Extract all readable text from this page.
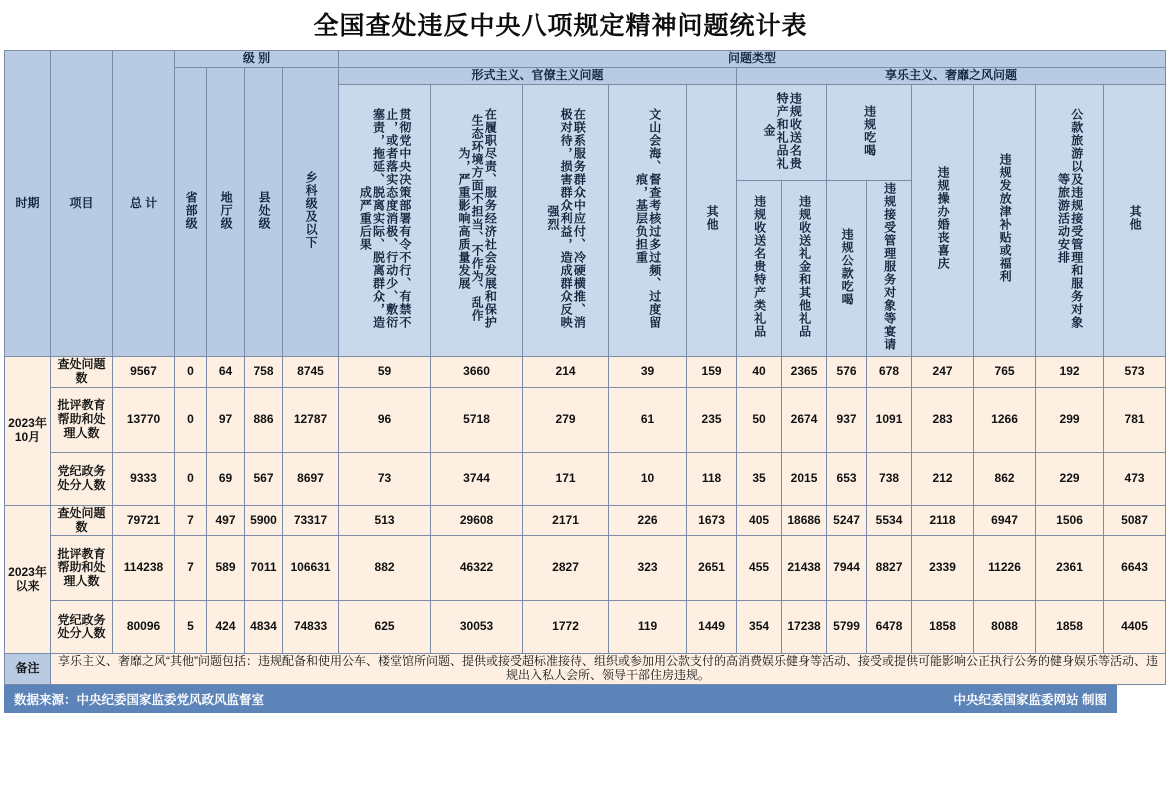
全国查处违反中央八项规定精神问题统计表
时期	项目	总 计	级 别				问题类型												
			省部级	地厅级	县处级	乡科级及以下	形式主义、官僚主义问题					享乐主义、奢靡之风问题							
							贯彻党中央决策部署有令不行、有禁不止，或者落实态度消极、行动少、敷衍塞责，拖延、脱离实际、脱离群众，造成严重后果	在履职尽责、服务经济社会发展和保护生态环境方面不担当、不作为、乱作为，严重影响高质量发展	在联系服务群众中应付、冷硬横推、消极对待，损害群众利益，造成群众反映强烈	文山会海、督查考核过多过频、过度留痕，基层负担重	其他	违规收送名贵特产和礼品礼金		违规吃喝		违规操办婚丧喜庆	违规发放津补贴或福利	公款旅游以及违规接受管理和服务对象等旅游活动安排	其他
												违规收送名贵特产类礼品	违规收送礼金和其他礼品	违规公款吃喝	违规接受管理服务对象等宴请				
2023年10月	查处问题数	9567	0	64	758	8745	59	3660	214	39	159	40	2365	576	678	247	765	192	573
	批评教育帮助和处理人数	13770	0	97	886	12787	96	5718	279	61	235	50	2674	937	1091	283	1266	299	781
	党纪政务处分人数	9333	0	69	567	8697	73	3744	171	10	118	35	2015	653	738	212	862	229	473
2023年以来	查处问题数	79721	7	497	5900	73317	513	29608	2171	226	1673	405	18686	5247	5534	2118	6947	1506	5087
	批评教育帮助和处理人数	114238	7	589	7011	106631	882	46322	2827	323	2651	455	21438	7944	8827	2339	11226	2361	6643
	党纪政务处分人数	80096	5	424	4834	74833	625	30053	1772	119	1449	354	17238	5799	6478	1858	8088	1858	4405
备注	享乐主义、奢靡之风“其他”问题包括：违规配备和使用公车、楼堂馆所问题、提供或接受超标准接待、组织或参加用公款支付的高消费娱乐健身等活动、接受或提供可能影响公正执行公务的健身娱乐等活动、违规出入私人会所、领导干部住房违规。																		
数据来源：中央纪委国家监委党风政风监督室	中央纪委国家监委网站 制图
